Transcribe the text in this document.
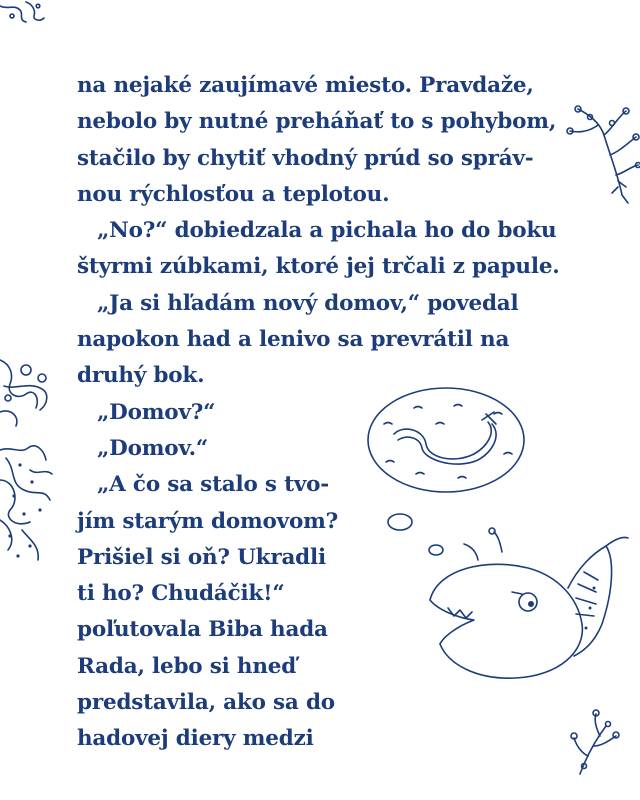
na nejaké zaujímavé miesto. Pravdaže,
nebolo by nutné preháňať to s pohybom,
stačilo by chytiť vhodný prúd so správ-
nou rýchlosťou a teplotou.
„No?“ dobiedzala a pichala ho do boku
štyrmi zúbkami, ktoré jej trčali z papule.
„Ja si hľadám nový domov,“ povedal
napokon had a lenivo sa prevrátil na
druhý bok.
„Domov?“
„Domov.“
„A čo sa stalo s tvo-
jím starým domovom?
Prišiel si oň? Ukradli
ti ho? Chudáčik!“
poľutovala Biba hada
Rada, lebo si hneď
predstavila, ako sa do
hadovej diery medzi
